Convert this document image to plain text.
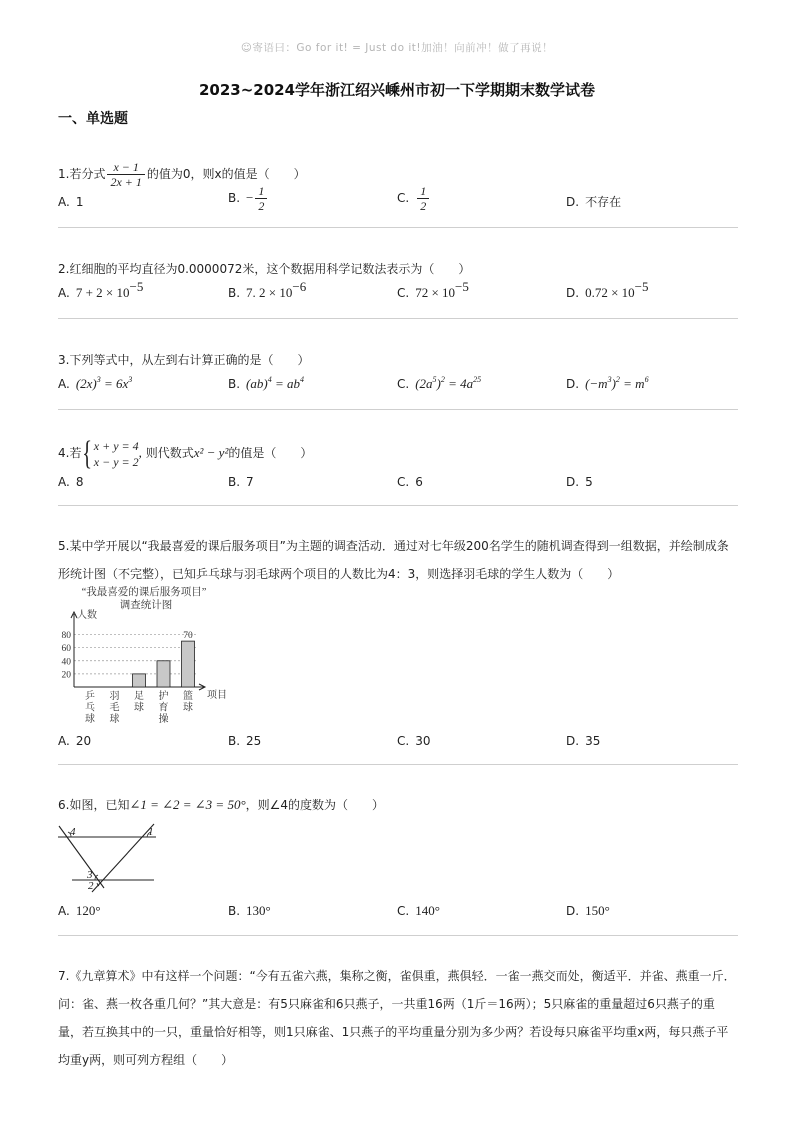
☺寄语曰：Go for it! = Just do it!加油！向前冲！做了再说！
2023~2024学年浙江绍兴嵊州市初一下学期期末数学试卷
一、单选题
1.若分式 $\frac{x - 1}{2x + 1}$ 的值为0，则x的值是（　　）
A. 1	B. − $\frac{1}{2}$	C. $\frac{1}{2}$	D. 不存在
2.红细胞的平均直径为0.0000072米，这个数据用科学记数法表示为（　　）
A. $7 + 2 \times 10^{-5}$	B. 7. $2 \times 10^{-6}$	C. $72 \times 10^{-5}$	D. $0.72 \times 10^{-5}$
3.下列等式中，从左到右计算正确的是（　　）
A. $(2x)^3 = 6x^3$	B. $(ab)^4 = ab^4$	C. $(2a^5)^2 = 4a^{25}$	D. $(-m^3)^2 = m^6$
4.若{ x + y = 4
x − y = 2
, 则代数式x² − y²的值是（　　）
A. 8	B. 7	C. 6	D. 5
5.某中学开展以“我最喜爱的课后服务项目”为主题的调查活动．通过对七年级200名学生的随机调查得到一组数据，并绘制成条形统计图（不完整），已知乒乓球与羽毛球两个项目的人数比为4：3，则选择羽毛球的学生人数为（　　）
“我最喜爱的课后服务项目”
调查统计图
人数
项目
20
40
60
80
乒乓球
羽毛球
足球
护育操
70
篮球
A. 20	B. 25	C. 30	D. 35
6.如图，已知∠1 = ∠2 = ∠3 = 50°，则∠4的度数为（　　）
4	1
3
2
A. 120°	B. 130°	C. 140°	D. 150°
7.《九章算术》中有这样一个问题：“今有五雀六燕，集称之衡，雀俱重，燕俱轻．一雀一燕交而处，衡适平．并雀、燕重一斤．问：雀、燕一枚各重几何？”其大意是：有5只麻雀和6只燕子，一共重16两（1斤＝16两）；5只麻雀的重量超过6只燕子的重量，若互换其中的一只，重量恰好相等，则1只麻雀、1只燕子的平均重量分别为多少两？若设每只麻雀平均重x两，每只燕子平均重y两，则可列方程组（　　）
